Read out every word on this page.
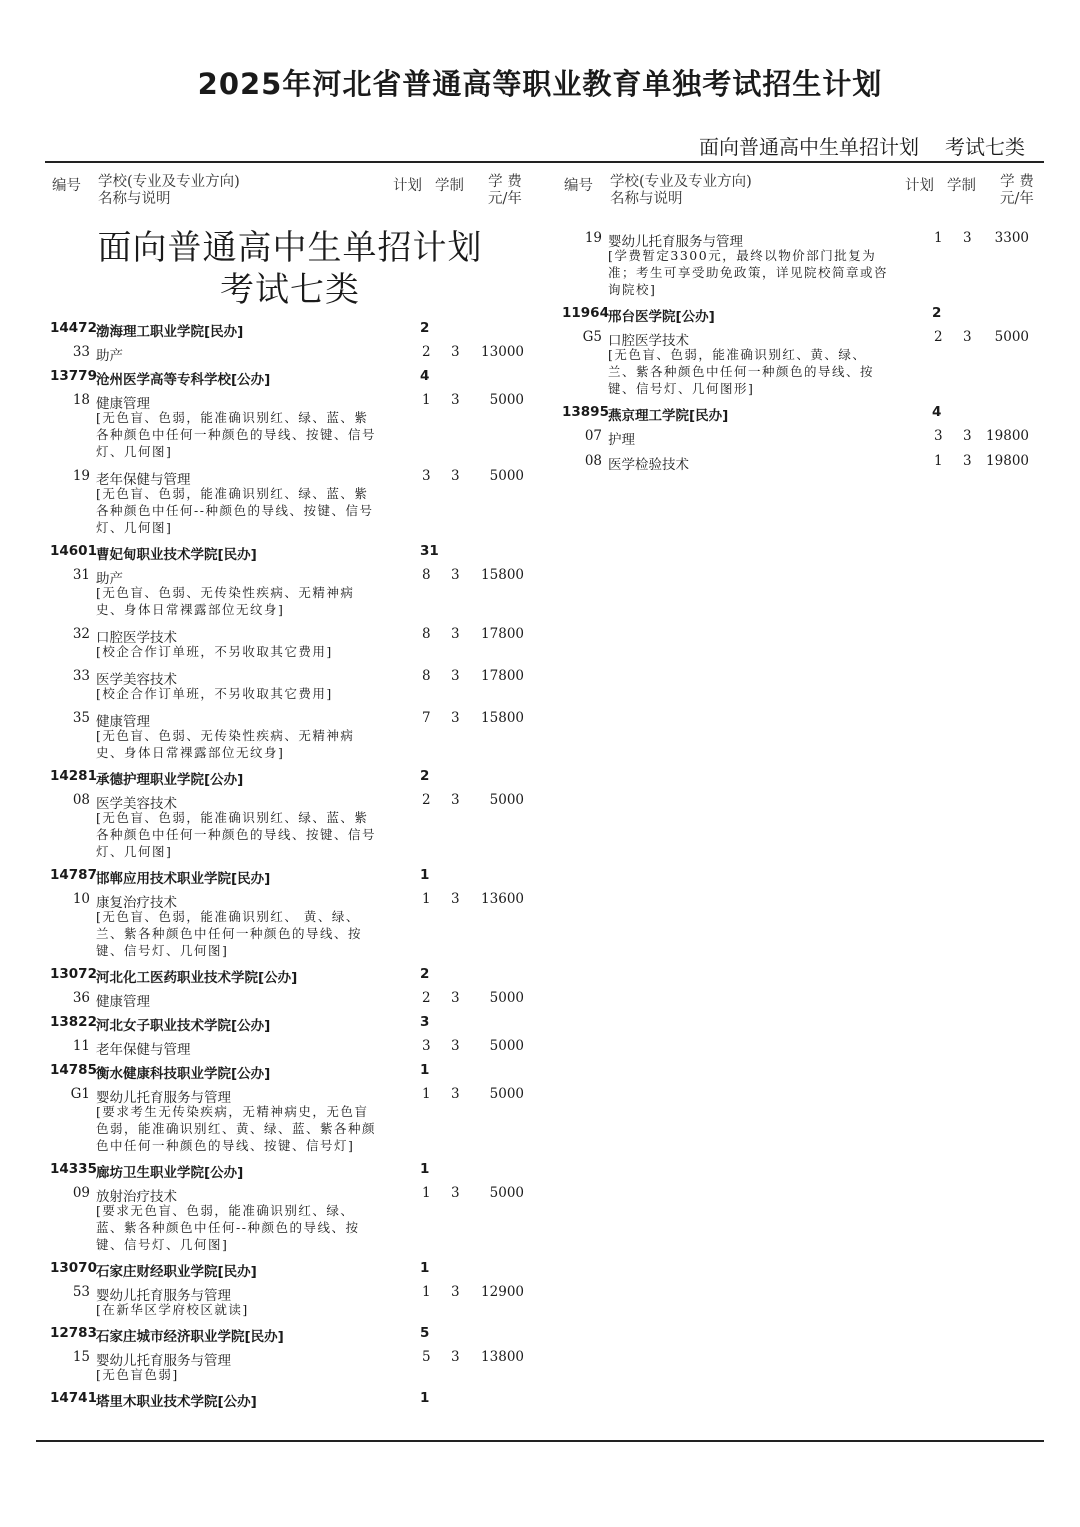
2025年河北省普通高等职业教育单独考试招生计划
面向普通高中生单招计划 考试七类
编号 学校(专业及专业方向)
名称与说明
计划 学制 学 费
元/年
面向普通高中生单招计划
考试七类
14472 渤海理工职业学院[民办]	2
33 助产	2 3 13000
13779 沧州医学高等专科学校[公办]	4
18 健康管理	1 3 5000
[无色盲、色弱，能准确识别红、绿、蓝、紫各种颜色中任何一种颜色的导线、按键、信号灯、几何图]
19 老年保健与管理	3 3 5000
[无色盲、色弱，能准确识别红、绿、蓝、紫各种颜色中任何--种颜色的导线、按键、信号灯、几何图]
14601 曹妃甸职业技术学院[民办]	31
31 助产	8 3 15800
[无色盲、色弱、无传染性疾病、无精神病史、身体日常裸露部位无纹身]
32 口腔医学技术	8 3 17800
[校企合作订单班，不另收取其它费用]
33 医学美容技术	8 3 17800
[校企合作订单班，不另收取其它费用]
35 健康管理	7 3 15800
[无色盲、色弱、无传染性疾病、无精神病史、身体日常裸露部位无纹身]
14281 承德护理职业学院[公办]	2
08 医学美容技术	2 3 5000
[无色盲、色弱，能准确识别红、绿、蓝、紫各种颜色中任何一种颜色的导线、按键、信号灯、几何图]
14787 邯郸应用技术职业学院[民办]	1
10 康复治疗技术	1 3 13600
[无色盲、色弱，能准确识别红、 黄、绿、兰、紫各种颜色中任何一种颜色的导线、按键、信号灯、几何图]
13072 河北化工医药职业技术学院[公办]	2
36 健康管理	2 3 5000
13822 河北女子职业技术学院[公办]	3
11 老年保健与管理	3 3 5000
14785 衡水健康科技职业学院[公办]	1
G1 婴幼儿托育服务与管理	1 3 5000
[要求考生无传染疾病，无精神病史，无色盲色弱，能准确识别红、黄、绿、蓝、紫各种颜色中任何一种颜色的导线、按键、信号灯]
14335 廊坊卫生职业学院[公办]	1
09 放射治疗技术	1 3 5000
[要求无色盲、色弱，能准确识别红、绿、蓝、紫各种颜色中任何--种颜色的导线、按键、信号灯、几何图]
13070 石家庄财经职业学院[民办]	1
53 婴幼儿托育服务与管理	1 3 12900
[在新华区学府校区就读]
12783 石家庄城市经济职业学院[民办]	5
15 婴幼儿托育服务与管理	5 3 13800
[无色盲色弱]
14741 塔里木职业技术学院[公办]	1
编号 学校(专业及专业方向)
名称与说明
计划 学制 学 费
元/年
19 婴幼儿托育服务与管理	1 3 3300
[学费暂定3300元，最终以物价部门批复为准；考生可享受助免政策，详见院校简章或咨询院校]
11964 邢台医学院[公办]	2
G5 口腔医学技术	2 3 5000
[无色盲、色弱，能准确识别红、黄、绿、兰、紫各种颜色中任何一种颜色的导线、按键、信号灯、几何图形]
13895 燕京理工学院[民办]	4
07 护理	3 3 19800
08 医学检验技术	1 3 19800
